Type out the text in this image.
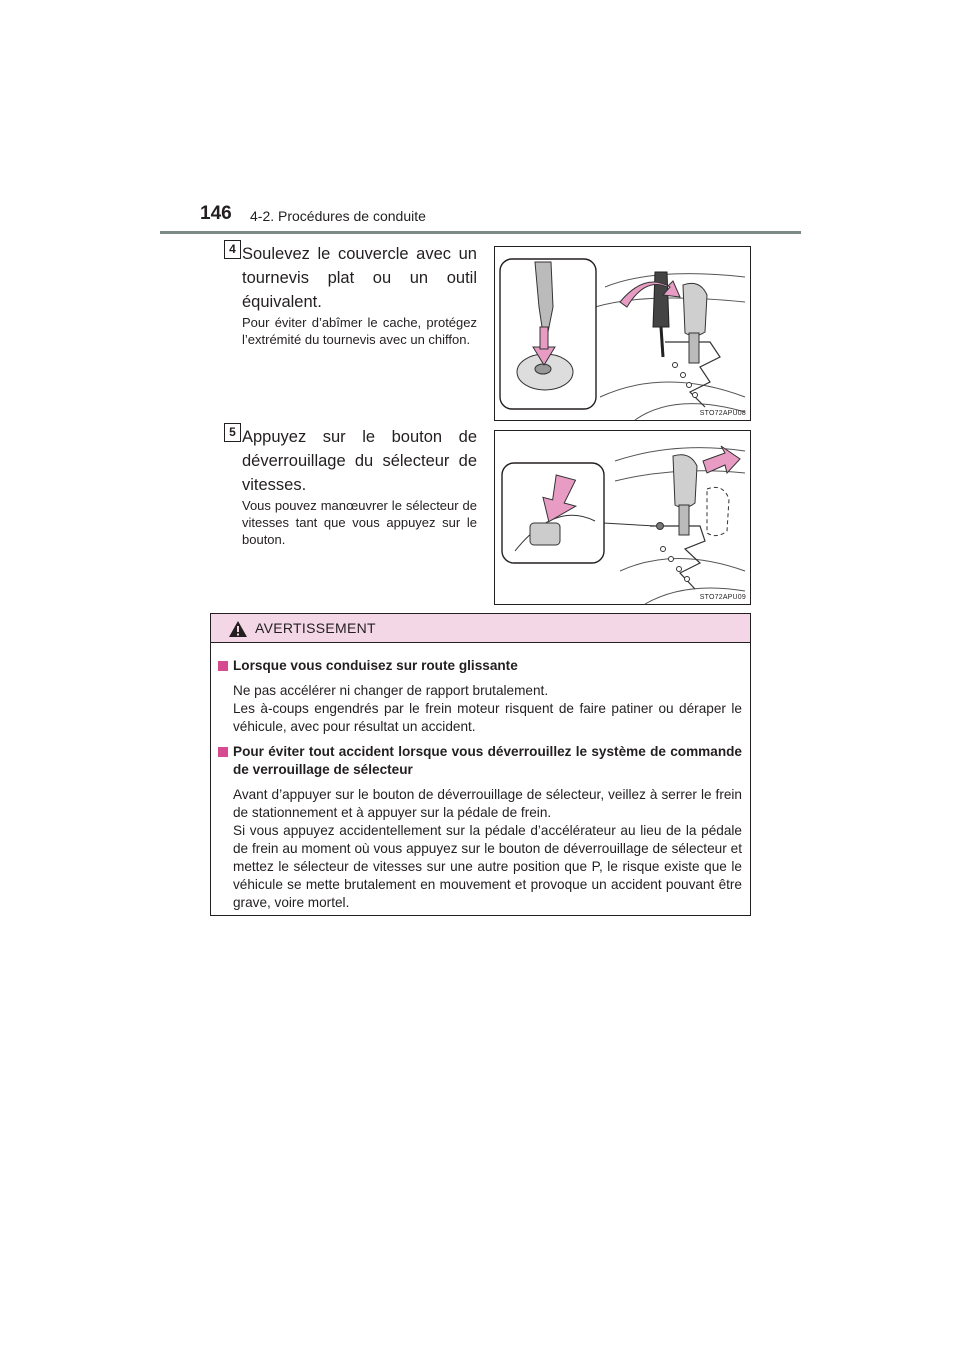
146 4-2. Procédures de conduite
4 Soulevez le couvercle avec un tournevis plat ou un outil équivalent.
Pour éviter d’abîmer le cache, protégez l’extrémité du tournevis avec un chiffon.
STO72APU08
5 Appuyez sur le bouton de déverrouillage du sélecteur de vitesses.
Vous pouvez manœuvrer le sélecteur de vitesses tant que vous appuyez sur le bouton.
STO72APU09
AVERTISSEMENT
Lorsque vous conduisez sur route glissante

Ne pas accélérer ni changer de rapport brutalement.

Les à-coups engendrés par le frein moteur risquent de faire patiner ou déraper le véhicule, avec pour résultat un accident.

Pour éviter tout accident lorsque vous déverrouillez le système de commande de verrouillage de sélecteur

Avant d’appuyer sur le bouton de déverrouillage de sélecteur, veillez à serrer le frein de stationnement et à appuyer sur la pédale de frein.

Si vous appuyez accidentellement sur la pédale d’accélérateur au lieu de la pédale de frein au moment où vous appuyez sur le bouton de déverrouillage de sélecteur et mettez le sélecteur de vitesses sur une autre position que P, le risque existe que le véhicule se mette brutalement en mouvement et provoque un accident pouvant être grave, voire mortel.
